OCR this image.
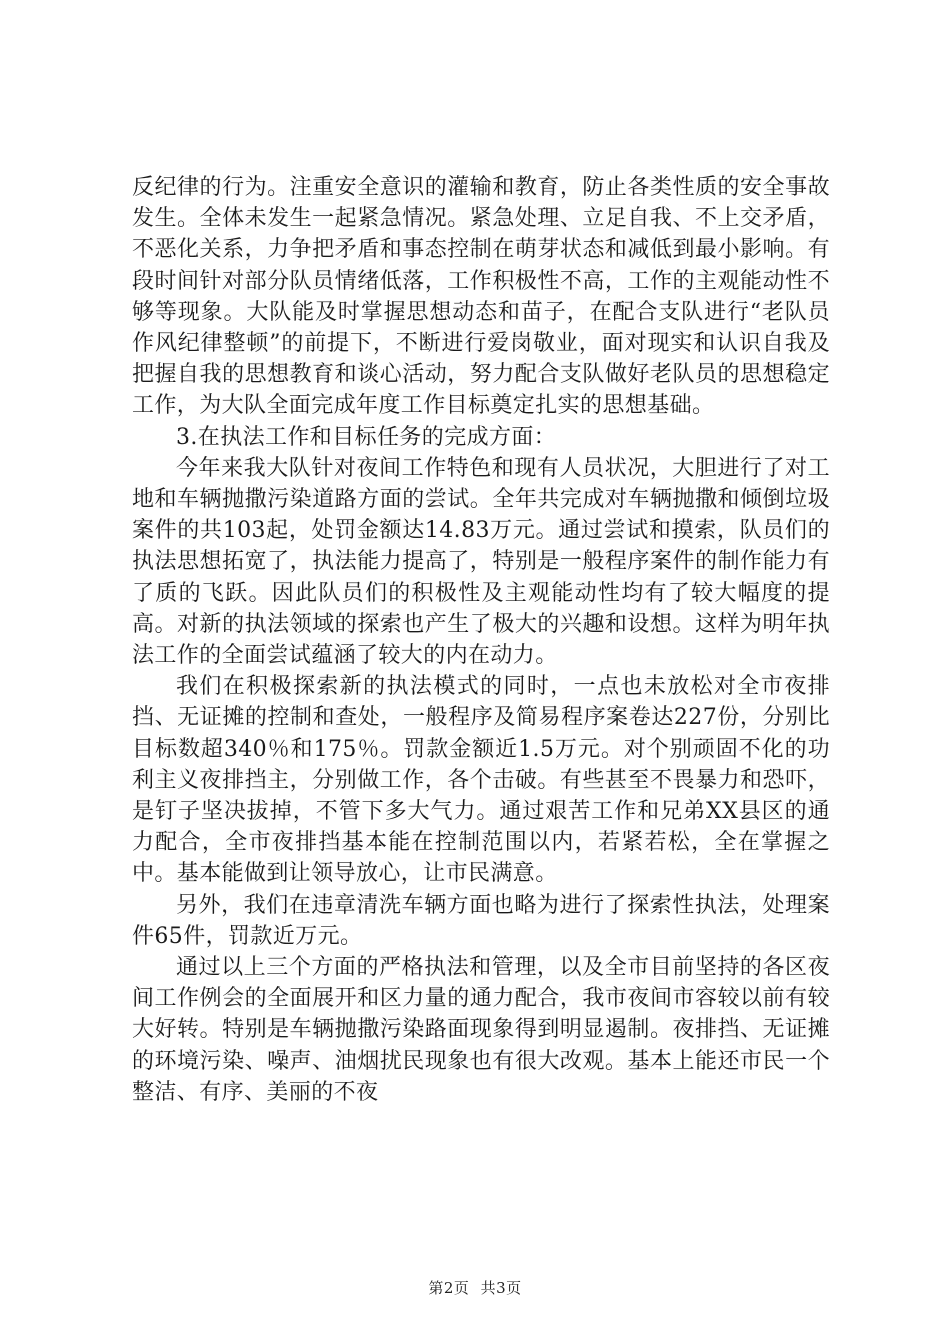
反纪律的行为。注重安全意识的灌输和教育，防止各类性质的安全事故发生。全体未发生一起紧急情况。紧急处理、立足自我、不上交矛盾，不恶化关系，力争把矛盾和事态控制在萌芽状态和减低到最小影响。有段时间针对部分队员情绪低落，工作积极性不高，工作的主观能动性不够等现象。大队能及时掌握思想动态和苗子，在配合支队进行“老队员作风纪律整顿”的前提下，不断进行爱岗敬业，面对现实和认识自我及把握自我的思想教育和谈心活动，努力配合支队做好老队员的思想稳定工作，为大队全面完成年度工作目标奠定扎实的思想基础。

3.在执法工作和目标任务的完成方面：

今年来我大队针对夜间工作特色和现有人员状况，大胆进行了对工地和车辆抛撒污染道路方面的尝试。全年共完成对车辆抛撒和倾倒垃圾案件的共103起，处罚金额达14.83万元。通过尝试和摸索，队员们的执法思想拓宽了，执法能力提高了，特别是一般程序案件的制作能力有了质的飞跃。因此队员们的积极性及主观能动性均有了较大幅度的提高。对新的执法领域的探索也产生了极大的兴趣和设想。这样为明年执法工作的全面尝试蕴涵了较大的内在动力。

我们在积极探索新的执法模式的同时，一点也未放松对全市夜排挡、无证摊的控制和查处，一般程序及简易程序案卷达227份，分别比目标数超340％和175％。罚款金额近1.5万元。对个别顽固不化的功利主义夜排挡主，分别做工作，各个击破。有些甚至不畏暴力和恐吓，是钉子坚决拔掉，不管下多大气力。通过艰苦工作和兄弟XX县区的通力配合，全市夜排挡基本能在控制范围以内，若紧若松，全在掌握之中。基本能做到让领导放心，让市民满意。

另外，我们在违章清洗车辆方面也略为进行了探索性执法，处理案件65件，罚款近万元。

通过以上三个方面的严格执法和管理，以及全市目前坚持的各区夜间工作例会的全面展开和区力量的通力配合，我市夜间市容较以前有较大好转。特别是车辆抛撒污染路面现象得到明显遏制。夜排挡、无证摊的环境污染、噪声、油烟扰民现象也有很大改观。基本上能还市民一个整洁、有序、美丽的不夜

第2页 共3页
